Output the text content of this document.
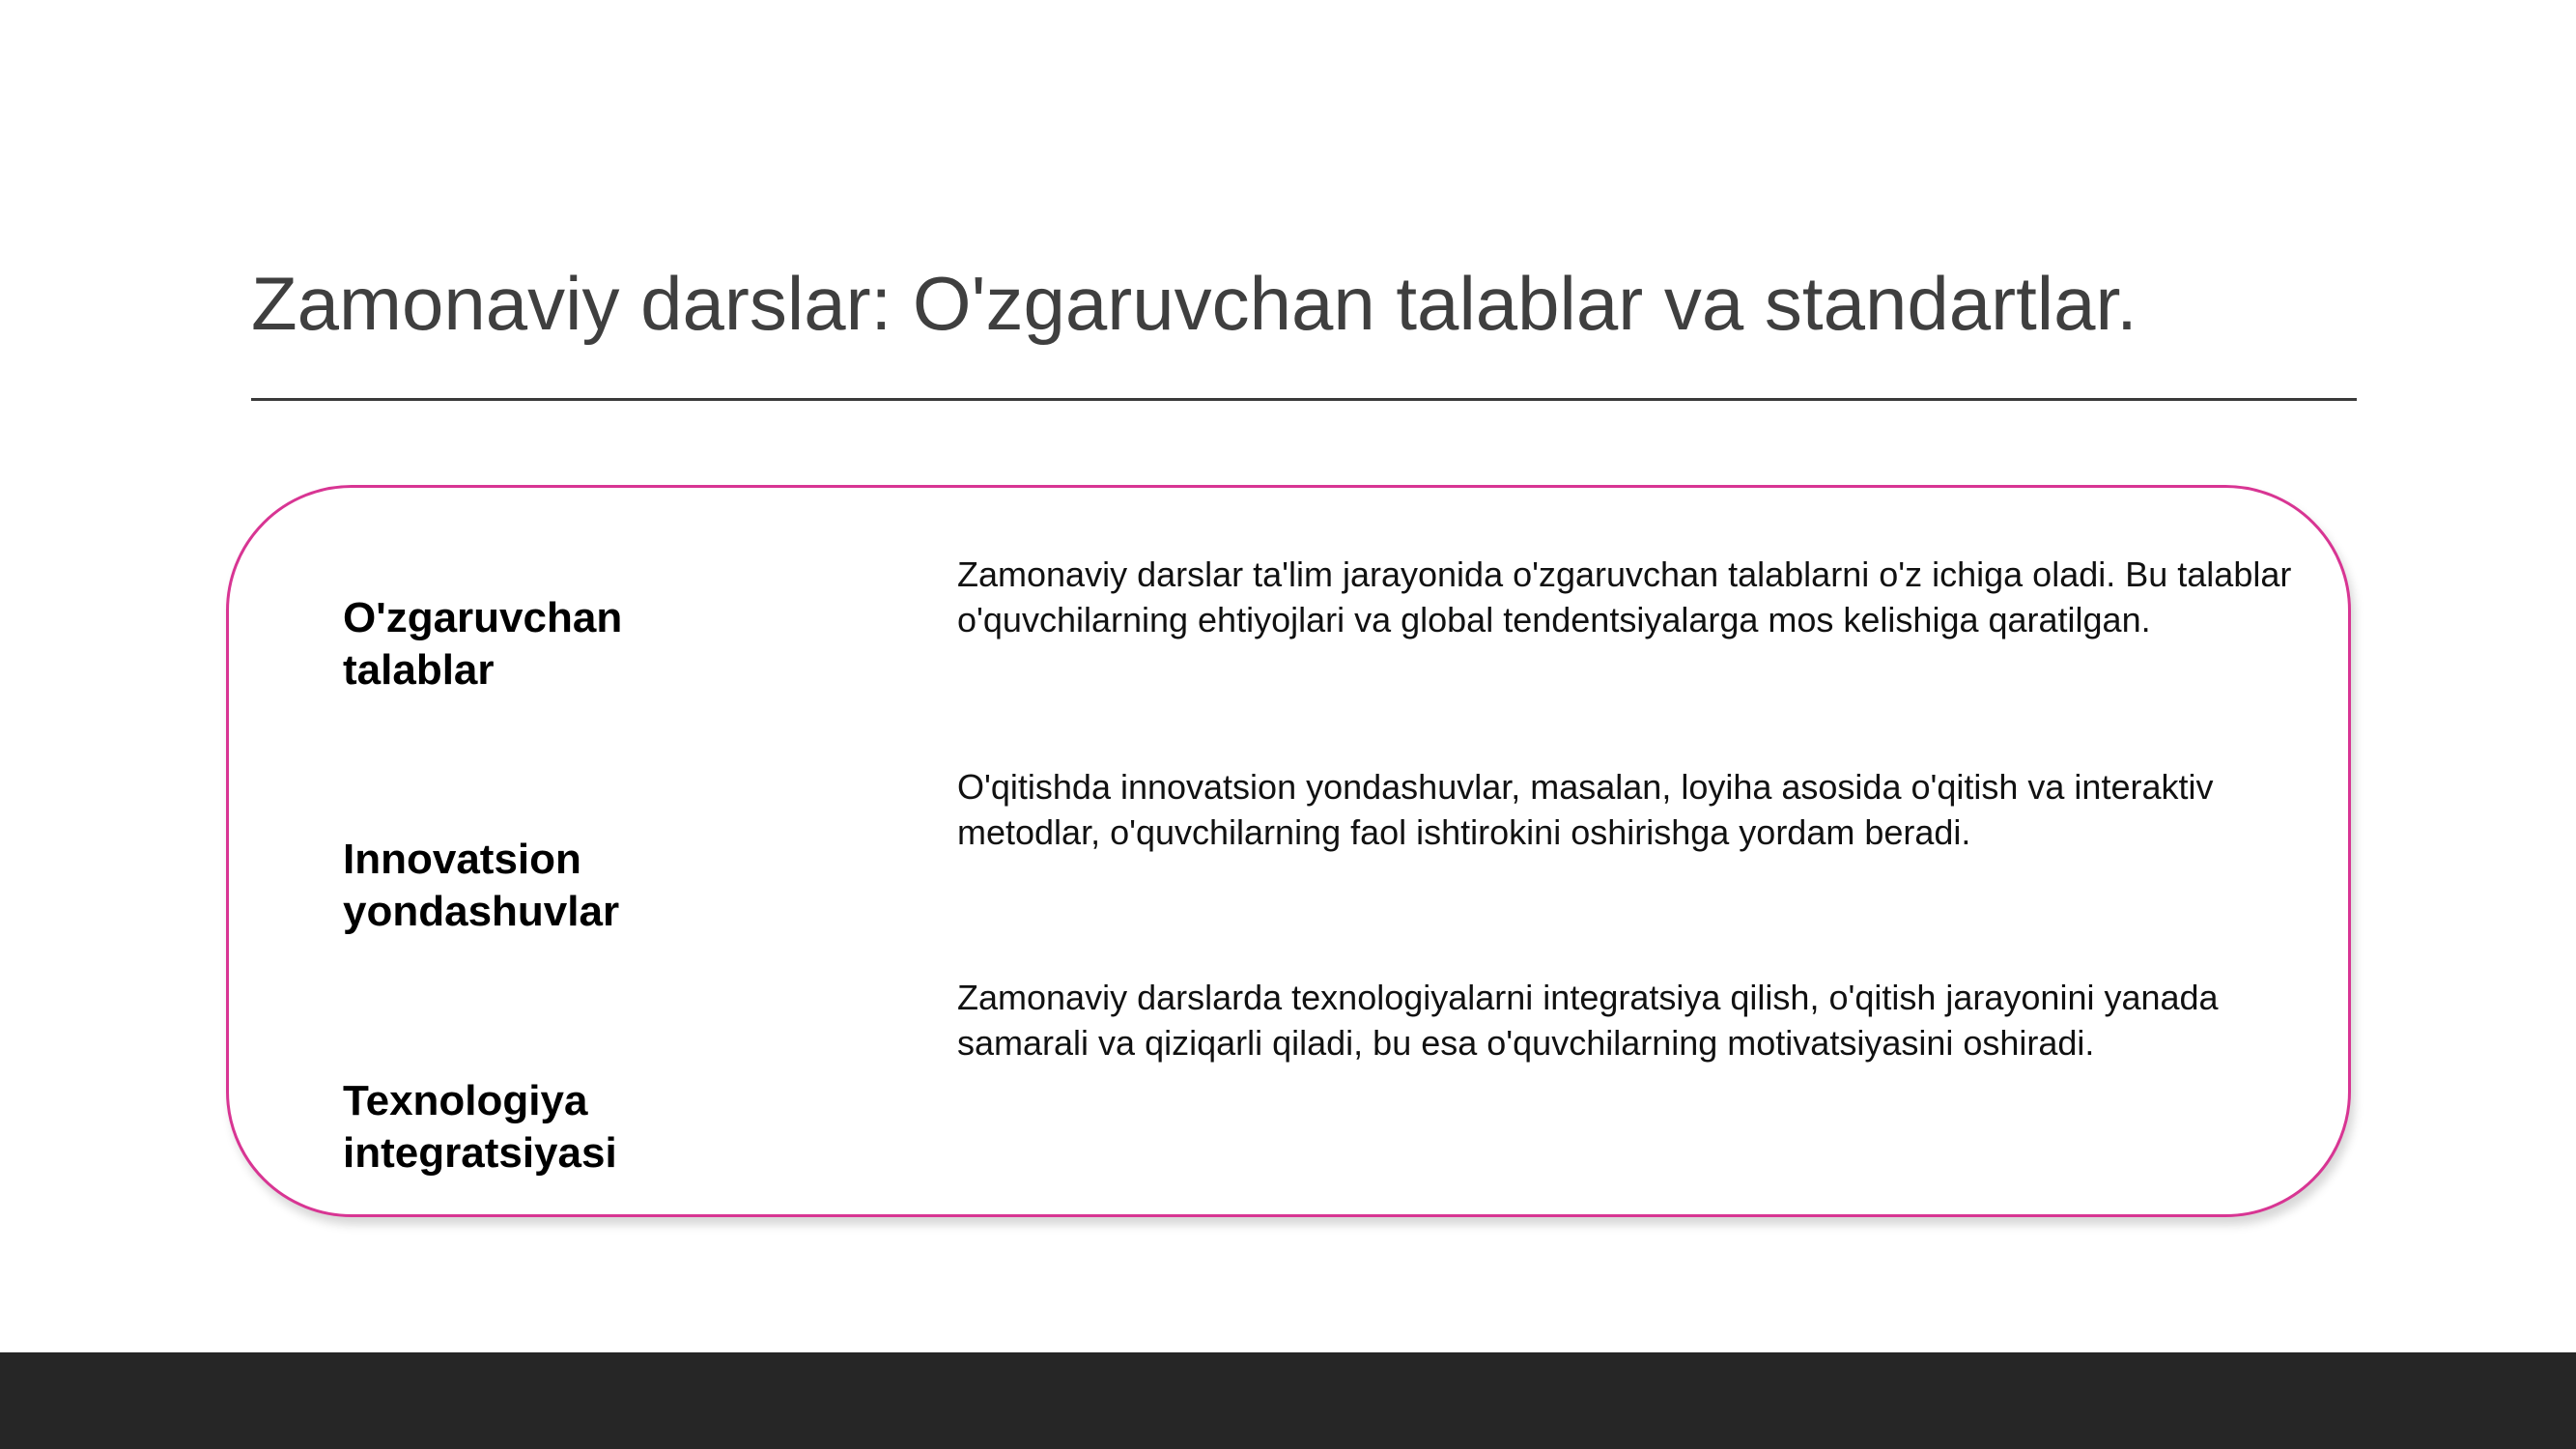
Zamonaviy darslar: O'zgaruvchan talablar va standartlar.
O'zgaruvchan talablar

Zamonaviy darslar ta'lim jarayonida o'zgaruvchan talablarni o'z ichiga oladi. Bu talablar o'quvchilarning ehtiyojlari va global tendentsiyalarga mos kelishiga qaratilgan.

Innovatsion yondashuvlar

O'qitishda innovatsion yondashuvlar, masalan, loyiha asosida o'qitish va interaktiv metodlar, o'quvchilarning faol ishtirokini oshirishga yordam beradi.

Texnologiya integratsiyasi

Zamonaviy darslarda texnologiyalarni integratsiya qilish, o'qitish jarayonini yanada samarali va qiziqarli qiladi, bu esa o'quvchilarning motivatsiyasini oshiradi.
